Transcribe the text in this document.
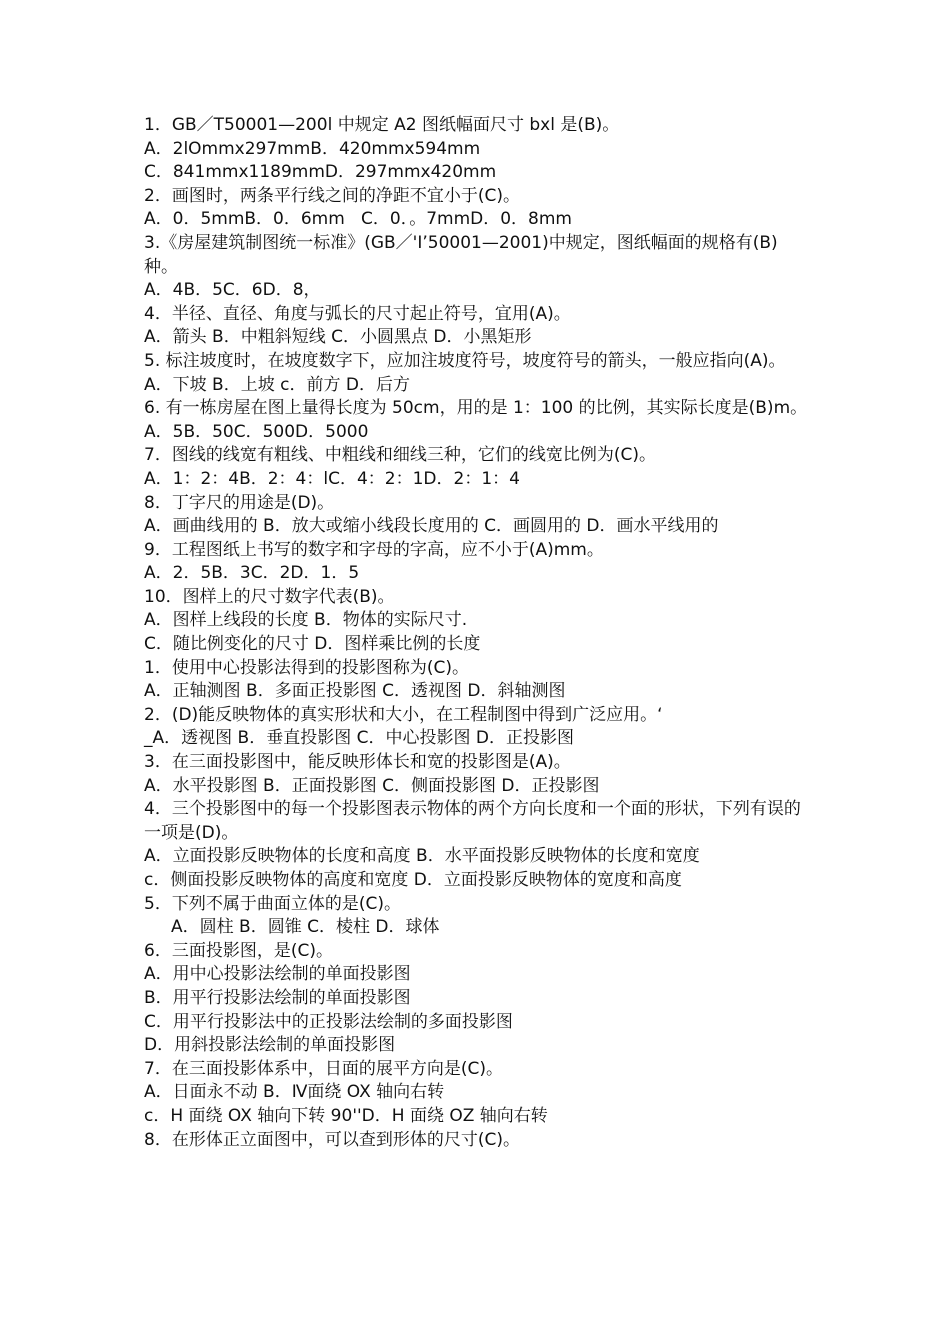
1．GB／T50001—200l 中规定 A2 图纸幅面尺寸 bxl 是(B)。
A．2lOmmx297mmB．420mmx594mm
C．841mmx1189mmD．297mmx420mm
2．画图时，两条平行线之间的净距不宜小于(C)。
A．0．5mmB．0．6mm   C．0．。7mmD．0．8mm
3.《房屋建筑制图统一标准》(GB／'I’50001—2001)中规定，图纸幅面的规格有(B)种。
A．4B．5C．6D．8，
4．半径、直径、角度与弧长的尺寸起止符号，宜用(A)。
A．箭头 B．中粗斜短线 C．小圆黑点 D．小黑矩形
5. 标注坡度时，在坡度数字下，应加注坡度符号，坡度符号的箭头，一般应指向(A)。
A．下坡 B．上坡 c．前方 D．后方
6. 有一栋房屋在图上量得长度为 50cm，用的是 1：100 的比例，其实际长度是(B)m。
A．5B．50C．500D．5000
7．图线的线宽有粗线、中粗线和细线三种，它们的线宽比例为(C)。
A．1：2：4B．2：4：lC．4：2：1D．2：1：4
8．丁字尺的用途是(D)。
A．画曲线用的 B．放大或缩小线段长度用的 C．画圆用的 D．画水平线用的
9．工程图纸上书写的数字和字母的字高，应不小于(A)mm。
A．2．5B．3C．2D．1．5
10．图样上的尺寸数字代表(B)。
A．图样上线段的长度 B．物体的实际尺寸.
C．随比例变化的尺寸 D．图样乘比例的长度
1．使用中心投影法得到的投影图称为(C)。
A．正轴测图 B．多面正投影图 C．透视图 D．斜轴测图
2．(D)能反映物体的真实形状和大小，在工程制图中得到广泛应用。‘
_A．透视图 B．垂直投影图 C．中心投影图 D．正投影图
3．在三面投影图中，能反映形体长和宽的投影图是(A)。
A．水平投影图 B．正面投影图 C．侧面投影图 D．正投影图
4．三个投影图中的每一个投影图表示物体的两个方向长度和一个面的形状，下列有误的一项是(D)。
A．立面投影反映物体的长度和高度 B．水平面投影反映物体的长度和宽度
c．侧面投影反映物体的高度和宽度 D．立面投影反映物体的宽度和高度
5．下列不属于曲面立体的是(C)。
A．圆柱 B．圆锥 C．棱柱 D．球体
6．三面投影图，是(C)。
A．用中心投影法绘制的单面投影图
B．用平行投影法绘制的单面投影图
C．用平行投影法中的正投影法绘制的多面投影图
D．用斜投影法绘制的单面投影图
7．在三面投影体系中，日面的展平方向是(C)。
A．日面永不动 B．Ⅳ面绕 OX 轴向右转
c．H 面绕 OX 轴向下转 90''D．H 面绕 OZ 轴向右转
8．在形体正立面图中，可以查到形体的尺寸(C)。
